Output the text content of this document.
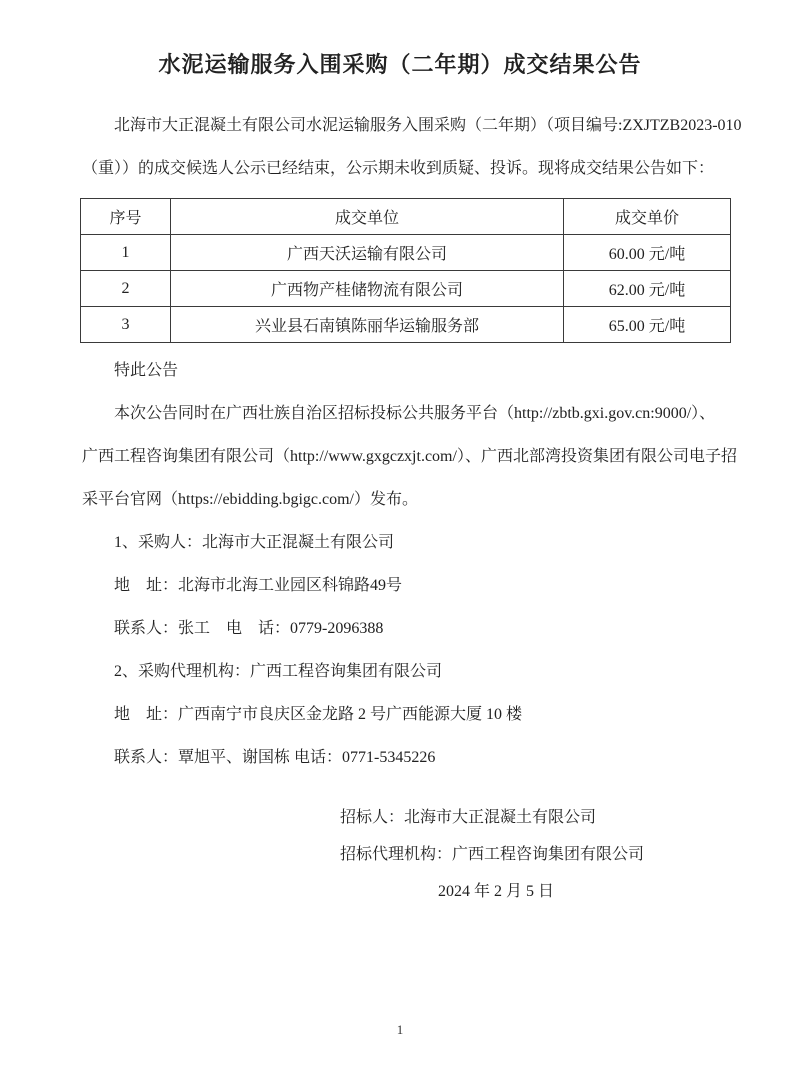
水泥运输服务入围采购（二年期）成交结果公告
北海市大正混凝土有限公司水泥运输服务入围采购（二年期）（项目编号:ZXJTZB2023-010
（重））的成交候选人公示已经结束，公示期未收到质疑、投诉。现将成交结果公告如下：
序号	成交单位	成交单价
1	广西天沃运输有限公司	60.00 元/吨
2	广西物产桂储物流有限公司	62.00 元/吨
3	兴业县石南镇陈丽华运输服务部	65.00 元/吨
特此公告
本次公告同时在广西壮族自治区招标投标公共服务平台（http://zbtb.gxi.gov.cn:9000/）、
广西工程咨询集团有限公司（http://www.gxgczxjt.com/）、广西北部湾投资集团有限公司电子招
采平台官网（https://ebidding.bgigc.com/）发布。
1、采购人：北海市大正混凝土有限公司
地　址：北海市北海工业园区科锦路49号
联系人：张工　电　话：0779-2096388
2、采购代理机构：广西工程咨询集团有限公司
地　址：广西南宁市良庆区金龙路 2 号广西能源大厦 10 楼
联系人：覃旭平、谢国栋 电话：0771-5345226
招标人：北海市大正混凝土有限公司
招标代理机构：广西工程咨询集团有限公司
2024 年 2 月 5 日
1
